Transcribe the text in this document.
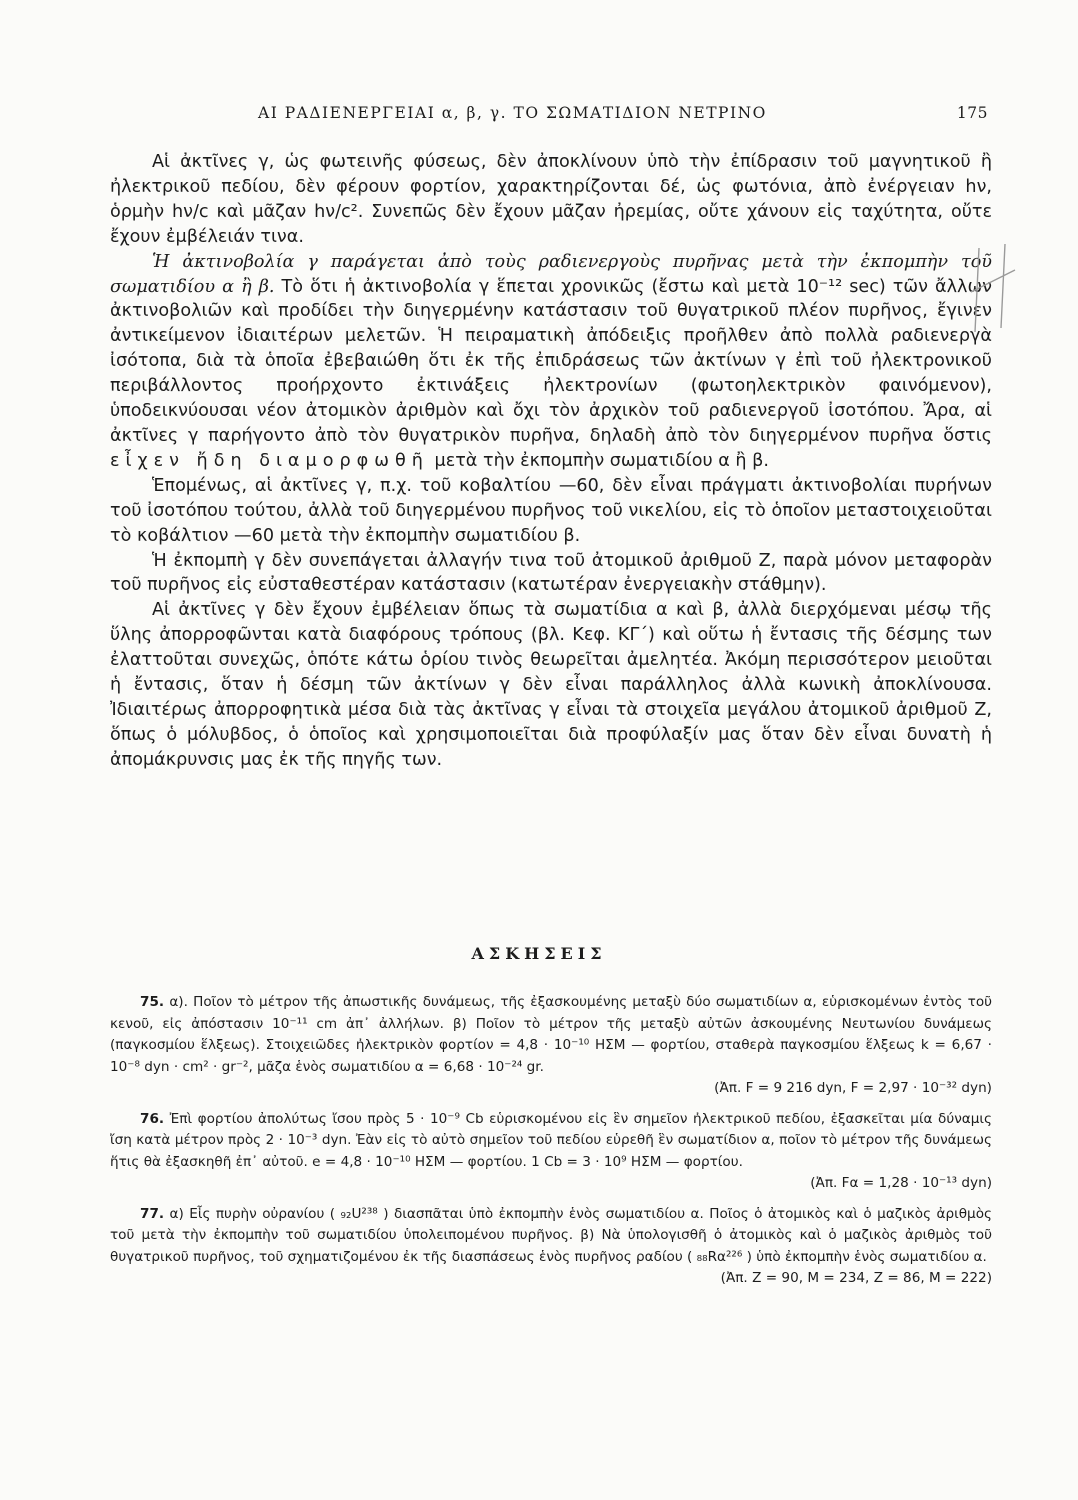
ΑΙ ΡΑΔΙΕΝΕΡΓΕΙΑΙ α, β, γ. ΤΟ ΣΩΜΑΤΙΔΙΟΝ ΝΕΤΡΙΝΟ	175

Αἱ ἀκτῖνες γ, ὡς φωτεινῆς φύσεως, δὲν ἀποκλίνουν ὑπὸ τὴν ἐπίδρασιν τοῦ μαγνητικοῦ ἢ ἠλεκτρικοῦ πεδίου, δὲν φέρουν φορτίον, χαρακτηρίζονται δέ, ὡς φωτόνια, ἀπὸ ἐνέργειαν hν, ὁρμὴν hν/c καὶ μᾶζαν hν/c². Συνεπῶς δὲν ἔχουν μᾶζαν ἠρεμίας, οὔτε χάνουν εἰς ταχύτητα, οὔτε ἔχουν ἐμβέλειάν τινα.

Ἡ ἀκτινοβολία γ παράγεται ἀπὸ τοὺς ραδιενεργοὺς πυρῆνας μετὰ τὴν ἐκπομπὴν τοῦ σωματιδίου α ἢ β. Τὸ ὅτι ἡ ἀκτινοβολία γ ἕπεται χρονικῶς (ἔστω καὶ μετὰ 10⁻¹² sec) τῶν ἄλλων ἀκτινοβολιῶν καὶ προδίδει τὴν διηγερμένην κατάστασιν τοῦ θυγατρικοῦ πλέον πυρῆνος, ἔγινεν ἀντικείμενον ἰδιαιτέρων μελετῶν. Ἡ πειραματικὴ ἀπόδειξις προῆλθεν ἀπὸ πολλὰ ραδιενεργὰ ἰσότοπα, διὰ τὰ ὁποῖα ἐβεβαιώθη ὅτι ἐκ τῆς ἐπιδράσεως τῶν ἀκτίνων γ ἐπὶ τοῦ ἠλεκτρονικοῦ περιβάλλοντος προήρχοντο ἐκτινάξεις ἠλεκτρονίων (φωτοηλεκτρικὸν φαινόμενον), ὑποδεικνύουσαι νέον ἀτομικὸν ἀριθμὸν καὶ ὄχι τὸν ἀρχικὸν τοῦ ραδιενεργοῦ ἰσοτόπου. Ἄρα, αἱ ἀκτῖνες γ παρήγοντο ἀπὸ τὸν θυγατρικὸν πυρῆνα, δηλαδὴ ἀπὸ τὸν διηγερμένον πυρῆνα ὅστις εἶχεν ἤδη διαμορφωθῆ μετὰ τὴν ἐκπομπὴν σωματιδίου α ἢ β.

Ἑπομένως, αἱ ἀκτῖνες γ, π.χ. τοῦ κοβαλτίου —60, δὲν εἶναι πράγματι ἀκτινοβολίαι πυρήνων τοῦ ἰσοτόπου τούτου, ἀλλὰ τοῦ διηγερμένου πυρῆνος τοῦ νικελίου, εἰς τὸ ὁποῖον μεταστοιχειοῦται τὸ κοβάλτιον —60 μετὰ τὴν ἐκπομπὴν σωματιδίου β.

Ἡ ἐκπομπὴ γ δὲν συνεπάγεται ἀλλαγήν τινα τοῦ ἀτομικοῦ ἀριθμοῦ Ζ, παρὰ μόνον μεταφορὰν τοῦ πυρῆνος εἰς εὐσταθεστέραν κατάστασιν (κατωτέραν ἐνεργειακὴν στάθμην).

Αἱ ἀκτῖνες γ δὲν ἔχουν ἐμβέλειαν ὅπως τὰ σωματίδια α καὶ β, ἀλλὰ διερχόμεναι μέσῳ τῆς ὕλης ἀπορροφῶνται κατὰ διαφόρους τρόπους (βλ. Κεφ. ΚΓ΄) καὶ οὕτω ἡ ἔντασις τῆς δέσμης των ἐλαττοῦται συνεχῶς, ὁπότε κάτω ὁρίου τινὸς θεωρεῖται ἀμελητέα. Ἀκόμη περισσότερον μειοῦται ἡ ἔντασις, ὅταν ἡ δέσμη τῶν ἀκτίνων γ δὲν εἶναι παράλληλος ἀλλὰ κωνικὴ ἀποκλίνουσα. Ἰδιαιτέρως ἀπορροφητικὰ μέσα διὰ τὰς ἀκτῖνας γ εἶναι τὰ στοιχεῖα μεγάλου ἀτομικοῦ ἀριθμοῦ Ζ, ὅπως ὁ μόλυβδος, ὁ ὁποῖος καὶ χρησιμοποιεῖται διὰ προφύλαξίν μας ὅταν δὲν εἶναι δυνατὴ ἡ ἀπομάκρυνσις μας ἐκ τῆς πηγῆς των.

ΑΣΚΗΣΕΙΣ

75. α). Ποῖον τὸ μέτρον τῆς ἀπωστικῆς δυνάμεως, τῆς ἐξασκουμένης μεταξὺ δύο σωματιδίων α, εὑρισκομένων ἐντὸς τοῦ κενοῦ, εἰς ἀπόστασιν 10⁻¹¹ cm ἀπ᾽ ἀλλήλων. β) Ποῖον τὸ μέτρον τῆς μεταξὺ αὐτῶν ἀσκουμένης Νευτωνίου δυνάμεως (παγκοσμίου ἕλξεως). Στοιχειῶδες ἠλεκτρικὸν φορτίον = 4,8 · 10⁻¹⁰ ΗΣΜ — φορτίου, σταθερὰ παγκοσμίου ἕλξεως k = 6,67 · 10⁻⁸ dyn · cm² · gr⁻², μᾶζα ἑνὸς σωματιδίου α = 6,68 · 10⁻²⁴ gr.
(Ἀπ. F = 9 216 dyn, F = 2,97 · 10⁻³² dyn)

76. Ἐπὶ φορτίου ἀπολύτως ἴσου πρὸς 5 · 10⁻⁹ Cb εὑρισκομένου εἰς ἓν σημεῖον ἠλεκτρικοῦ πεδίου, ἐξασκεῖται μία δύναμις ἴση κατὰ μέτρον πρὸς 2 · 10⁻³ dyn. Ἐὰν εἰς τὸ αὐτὸ σημεῖον τοῦ πεδίου εὑρεθῆ ἓν σωματίδιον α, ποῖον τὸ μέτρον τῆς δυνάμεως ἥτις θὰ ἐξασκηθῆ ἐπ᾽ αὐτοῦ. e = 4,8 · 10⁻¹⁰ ΗΣΜ — φορτίου. 1 Cb = 3 · 10⁹ ΗΣΜ — φορτίου.
(Ἀπ. Fα = 1,28 · 10⁻¹³ dyn)

77. α) Εἷς πυρὴν οὐρανίου ( ₉₂U²³⁸ ) διασπᾶται ὑπὸ ἐκπομπὴν ἑνὸς σωματιδίου α. Ποῖος ὁ ἀτομικὸς καὶ ὁ μαζικὸς ἀριθμὸς τοῦ μετὰ τὴν ἐκπομπὴν τοῦ σωματιδίου ὑπολειπομένου πυρῆνος. β) Νὰ ὑπολογισθῆ ὁ ἀτομικὸς καὶ ὁ μαζικὸς ἀριθμὸς τοῦ θυγατρικοῦ πυρῆνος, τοῦ σχηματιζομένου ἐκ τῆς διασπάσεως ἑνὸς πυρῆνος ραδίου ( ₈₈Rα²²⁶ ) ὑπὸ ἐκπομπὴν ἑνὸς σωματιδίου α.
(Ἀπ. Ζ = 90, Μ = 234, Ζ = 86, Μ = 222)
